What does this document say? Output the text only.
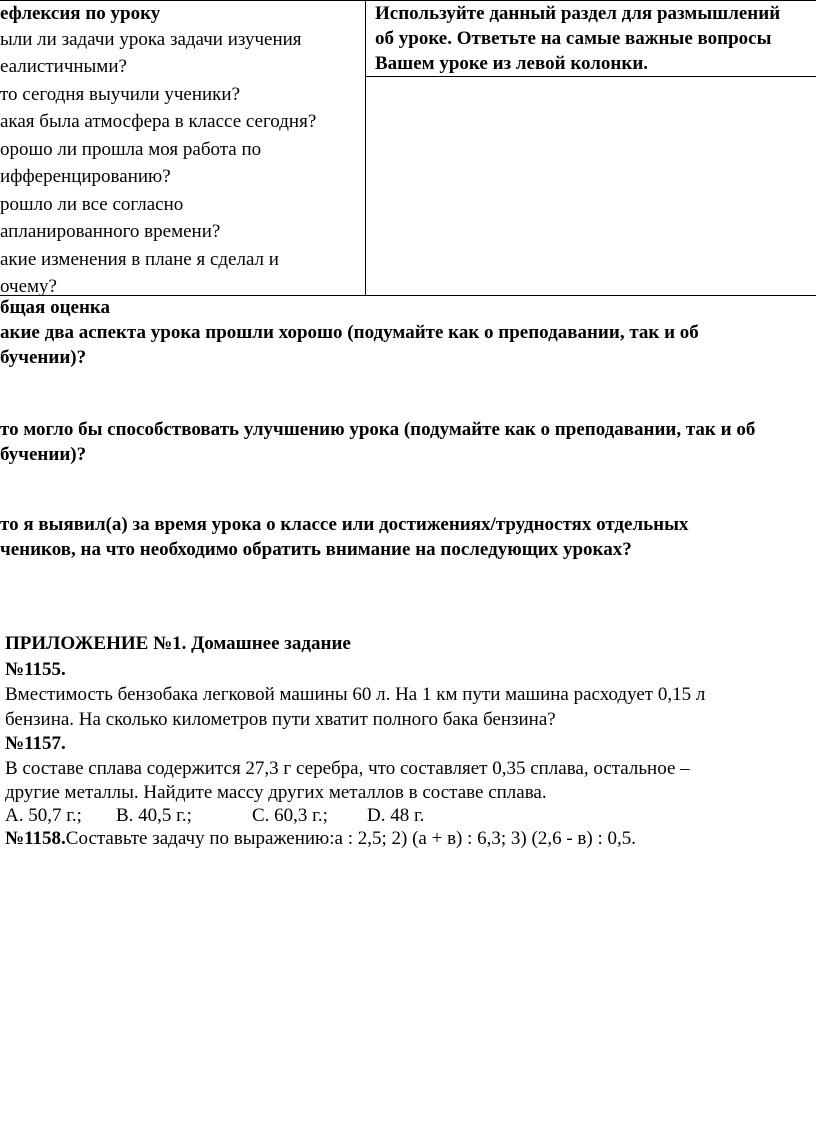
ефлексия по уроку
ыли ли задачи урока задачи изучения
еалистичными?
то сегодня выучили ученики?
акая была атмосфера в классе сегодня?
орошо ли прошла моя работа по
ифференцированию?
рошло ли все согласно
апланированного времени?
акие изменения в плане я сделал и
очему?
Используйте данный раздел для размышлений
об уроке. Ответьте на самые важные вопросы
Вашем уроке из левой колонки.
бщая оценка
акие два аспекта урока прошли хорошо (подумайте как о преподавании, так и об
бучении)?
то могло бы способствовать улучшению урока (подумайте как о преподавании, так и об
бучении)?
то я выявил(а) за время урока о классе или достижениях/трудностях отдельных
чеников, на что необходимо обратить внимание на последующих уроках?
ПРИЛОЖЕНИЕ №1. Домашнее задание
№1155.
Вместимость бензобака легковой машины 60 л. На 1 км пути машина расходует 0,15 л
бензина. На сколько километров пути хватит полного бака бензина?
№1157.
В составе сплава содержится 27,3 г серебра, что составляет 0,35 сплава, остальное –
другие металлы. Найдите массу других металлов в составе сплава.
А. 50,7 г.; В. 40,5 г.;	С. 60,3 г.; D. 48 г.
№1158.Составьте задачу по выражению:а : 2,5; 2) (а + в) : 6,3; 3) (2,6 - в) : 0,5.
